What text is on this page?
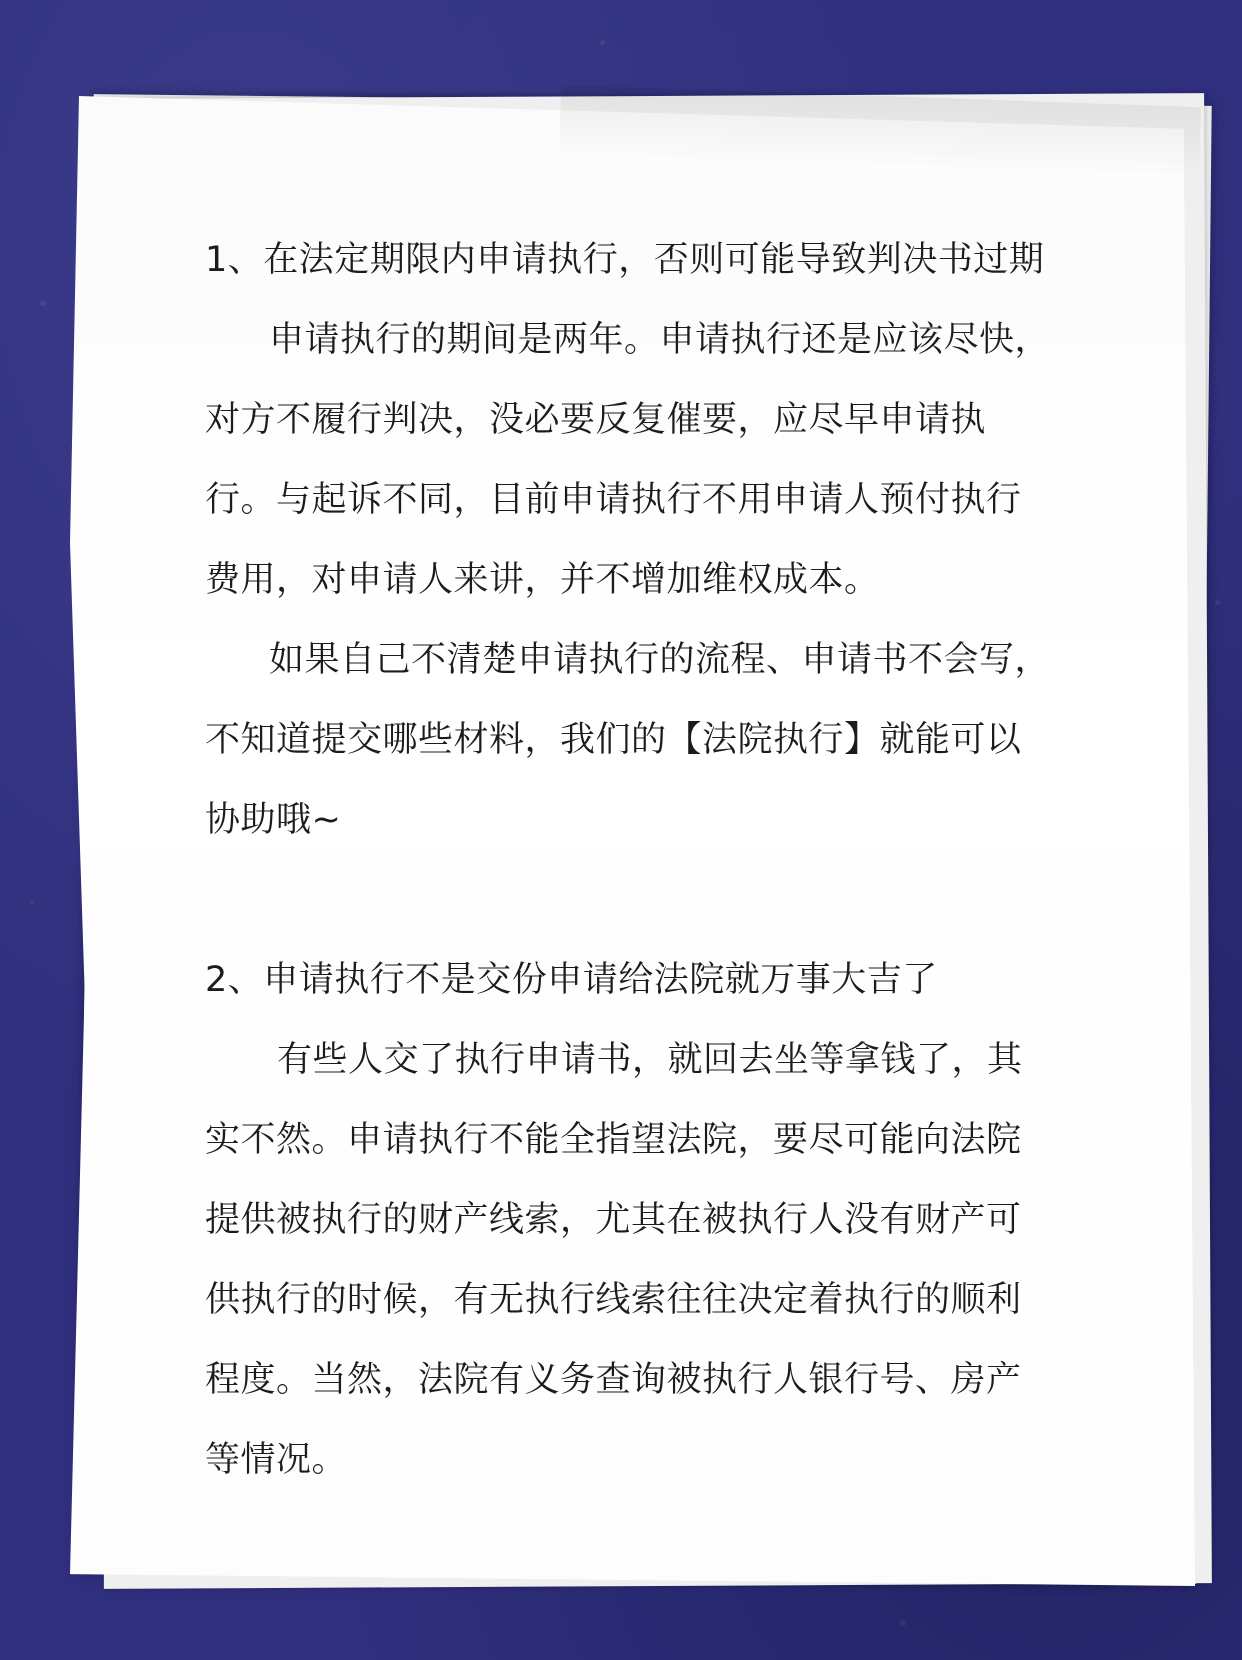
1、在法定期限内申请执行，否则可能导致判决书过期

申请执行的期间是两年。申请执行还是应该尽快，

对方不履行判决，没必要反复催要，应尽早申请执

行。与起诉不同，目前申请执行不用申请人预付执行

费用，对申请人来讲，并不增加维权成本。

如果自己不清楚申请执行的流程、申请书不会写，

不知道提交哪些材料，我们的【法院执行】就能可以

协助哦~

2、申请执行不是交份申请给法院就万事大吉了

有些人交了执行申请书，就回去坐等拿钱了，其

实不然。申请执行不能全指望法院，要尽可能向法院

提供被执行的财产线索，尤其在被执行人没有财产可

供执行的时候，有无执行线索往往决定着执行的顺利

程度。当然，法院有义务查询被执行人银行号、房产

等情况。
